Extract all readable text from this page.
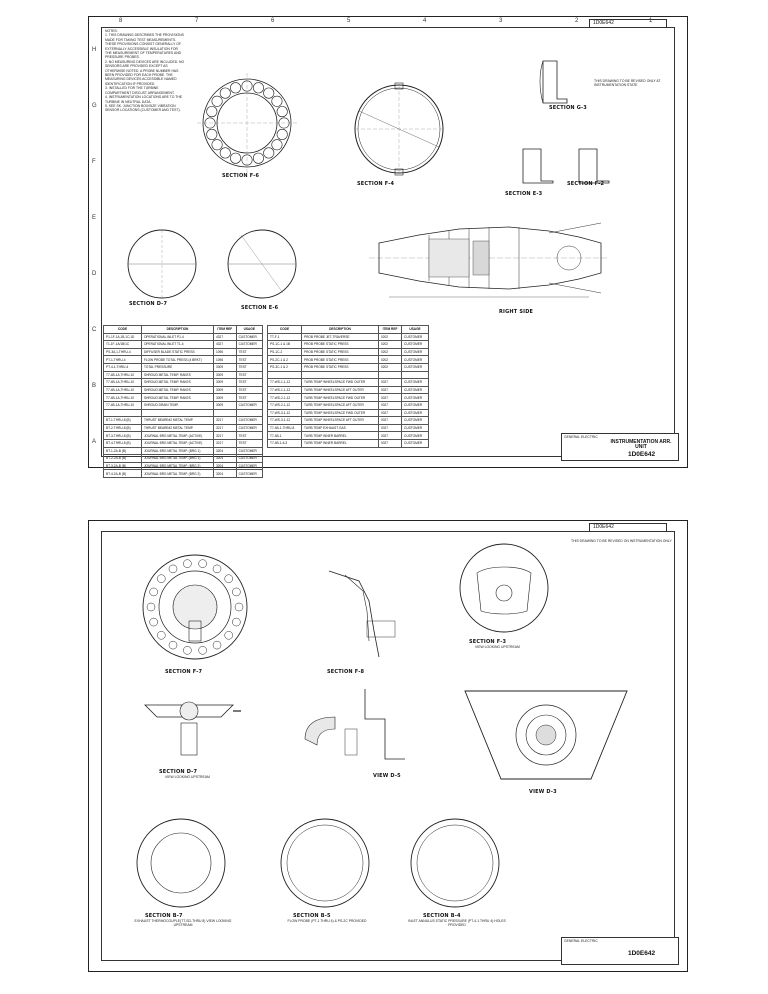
8	7	6	5	4	3	2	1
H
G
F
E
D
C
B
A
1D0E642
NOTES:
1. THIS DRAWING DESCRIBES THE PROVISIONS MADE FOR TAKING TEST MEASUREMENTS. THESE PROVISIONS CONSIST GENERALLY OF EXTERNALLY ACCESSIBLE INSULATION FOR THE MEASUREMENT OF TEMPERATURES AND PRESSURE PROBES.
2. NO MEASURING DEVICES ARE INCLUDED. NO SENSORS ARE PROVIDED EXCEPT AS OTHERWISE NOTED. A PROBE NUMBER HAS BEEN PROVIDED FOR EACH PROBE. THE MEASURING DEVICES ACCESSIBLE NAMED IDENTIFICATION IF PROVIDED.
3. INSTALLED FOR THE TURBINE COMPARTMENT DISCUST ARRANGEMENT.
4. INSTRUMENTATION LOCATIONS ARE TO THE TURBINE IN NEUTRAL DATA.
5. SEE SK. JUNCTION BOX/SIZE VIBRATION SENSOR LOCATIONS (CUSTOMER AND TEST).
THIS DRAWING TO BE REVISED ONLY AT INSTRUMENTATION STATE
SECTION F-6
SECTION F-4
SECTION G-3
SECTION E-3
SECTION F-2
SECTION D-7
SECTION E-6
RIGHT SIDE
CODE	DESCRIPTION	ITEM REF	USAGE
P1-1F-1A,1B,1C,1D	OPERATIONAL INLET P1-4	4327	CUSTOMER
T1-1F-1A/1B/1C	OPERATIONAL INLET T1-4	4327	CUSTOMER
PS-3A,1-THRU-4	DIFFUSER BLADE STATIC PRESS	1096	TEST
PT-1-THRU-4	FLOW PROBE TOTAL PRESS (4 BRKT)	1096	TEST
PT-4-1-THRU-4	TOTAL PRESSURE	3009	TEST
T7-4B-1A,THRU-10	SHROUD METAL TEMP. RAKES	3009	TEST
T7-4B-1A,THRU-10	SHROUD METAL TEMP. RAKES	3009	TEST
T7-4B-1A,THRU-10	SHROUD METAL TEMP. RAKES	3009	TEST
T7-4B-1A,THRU-10	SHROUD METAL TEMP. RAKES	3009	TEST
T7-4B-1A,THRU-10	SHROUD DRAIN TEMP.	3009	CUSTOMER

BT-1-THRU-8 (B)	THRUST BEARING METAL TEMP.	3217	CUSTOMER
BT-2-THRU-8 (B)	THRUST BEARING METAL TEMP.	3217	CUSTOMER
BT-3-THRU-8 (B)	JOURNAL BRG METAL TEMP. (ACTIVE)	3217	TEST
BT-4-THRU-8 (B)	JOURNAL BRG METAL TEMP. (ACTIVE)	3217	TEST
BT-1-2A-B (B)	JOURNAL BRG METAL TEMP. (BRG 1)	3204	CUSTOMER
BT-2-2A-B (B)	JOURNAL BRG METAL TEMP. (BRG 1)	3204	CUSTOMER
BT-3-2A-B (B)	JOURNAL BRG METAL TEMP. (BRG 2)	3204	CUSTOMER
BT-4-2A-B (B)	JOURNAL BRG METAL TEMP. (BRG 2)	3204	CUSTOMER
CODE	DESCRIPTION	ITEM REF	USAGE
TT-F-1	PROB PROBE JET-TRAVERSE	0202	CUSTOMER
PS-1C-1 & 1B	PROB PROBE STATIC PRESS	0202	CUSTOMER
PS-1C-2	PROB PROBE STATIC PRESS	0202	CUSTOMER
PS-2C-1 & 2	PROB PROBE STATIC PRESS	0202	CUSTOMER
PS-3C-1 & 2	PROB PROBE STATIC PRESS	0202	CUSTOMER

T7-WS-1-1-12	TURB TEMP WHEELSPACE FWD OUTER	0027	CUSTOMER
T7-WS-1-1-12	TURB TEMP WHEELSPACE AFT OUTER	0027	CUSTOMER
T7-WS-2-1-12	TURB TEMP WHEELSPACE FWD OUTER	0027	CUSTOMER
T7-WS-2-1-12	TURB TEMP WHEELSPACE AFT OUTER	0027	CUSTOMER
T7-WS-3-1-12	TURB TEMP WHEELSPACE FWD OUTER	0027	CUSTOMER
T7-WS-3-1-12	TURB TEMP WHEELSPACE AFT OUTER	0027	CUSTOMER
T7-4B-1-THRU-8	TURB TEMP EXHAUST GAS	0027	CUSTOMER
T7-4B-1	TURB TEMP INNER BARREL	0027	CUSTOMER
T7-4B-1-6-3	TURB TEMP INNER BARREL	0027	CUSTOMER
GENERAL ELECTRIC
INSTRUMENTATION ARR. UNIT
1D0E642
1D0E642
THIS DRAWING TO BE REVISED ON INSTRUMENTATION ONLY
SECTION F-7	SECTION F-8
SECTION F-3
VIEW LOOKING UPSTREAM
SECTION D-7
VIEW LOOKING UPSTREAM	VIEW D-5
VIEW D-3
SECTION B-7
EXHAUST THERMOCOUPLE(TT-SD-THRU 8) VIEW LOOKING UPSTREAM
SECTION B-5
FLOW PROBE (PT-1 THRU 4) & PS-2C PROVIDED
SECTION B-4
INLET ANNULUS STATIC PRESSURE (PT-4-1 THRU 4) HOLES PROVIDED
GENERAL ELECTRIC
1D0E642
